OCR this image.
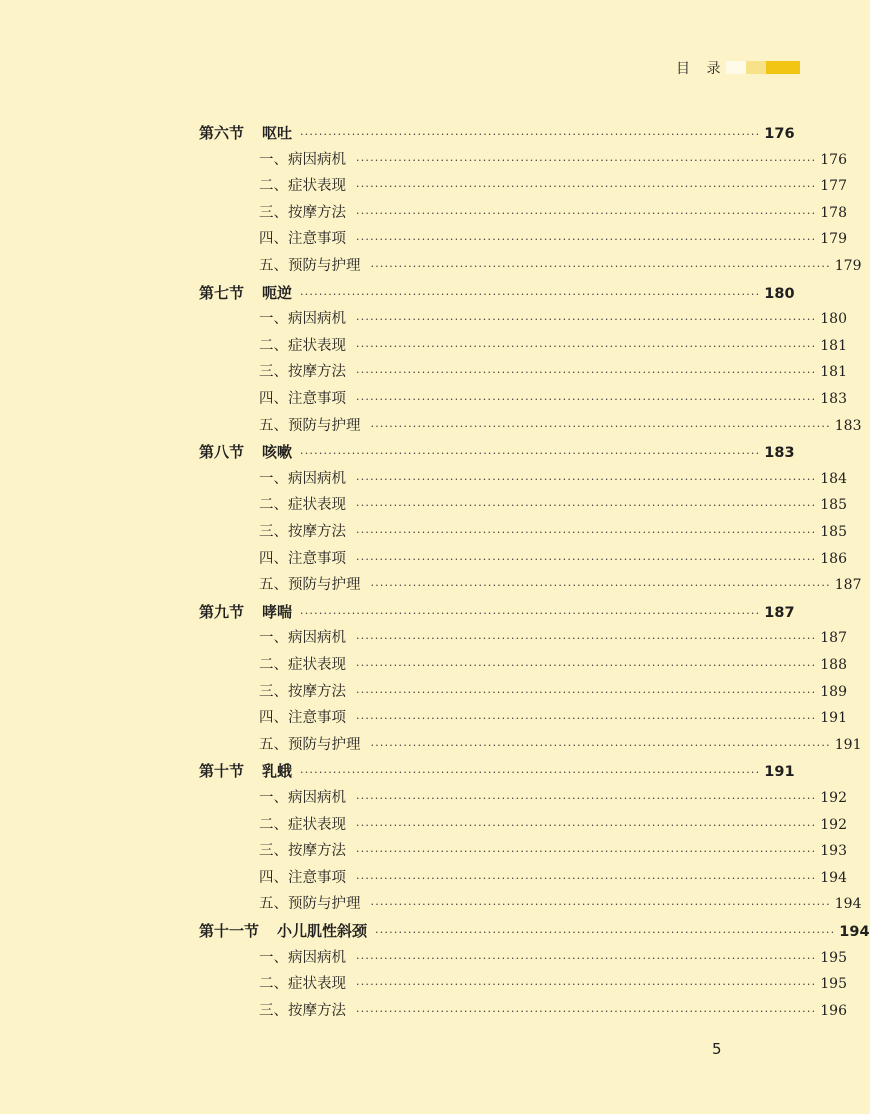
目 录
第六节 呕吐 ·································································································· 176
一、病因病机 ·································································································· 176
二、症状表现 ·································································································· 177
三、按摩方法 ·································································································· 178
四、注意事项 ·································································································· 179
五、预防与护理 ·································································································· 179
第七节 呃逆 ·································································································· 180
一、病因病机 ·································································································· 180
二、症状表现 ·································································································· 181
三、按摩方法 ·································································································· 181
四、注意事项 ·································································································· 183
五、预防与护理 ·································································································· 183
第八节 咳嗽 ·································································································· 183
一、病因病机 ·································································································· 184
二、症状表现 ·································································································· 185
三、按摩方法 ·································································································· 185
四、注意事项 ·································································································· 186
五、预防与护理 ·································································································· 187
第九节 哮喘 ·································································································· 187
一、病因病机 ·································································································· 187
二、症状表现 ·································································································· 188
三、按摩方法 ·································································································· 189
四、注意事项 ·································································································· 191
五、预防与护理 ·································································································· 191
第十节 乳蛾 ·································································································· 191
一、病因病机 ·································································································· 192
二、症状表现 ·································································································· 192
三、按摩方法 ·································································································· 193
四、注意事项 ·································································································· 194
五、预防与护理 ·································································································· 194
第十一节 小儿肌性斜颈 ·································································································· 194
一、病因病机 ·································································································· 195
二、症状表现 ·································································································· 195
三、按摩方法 ·································································································· 196
5
